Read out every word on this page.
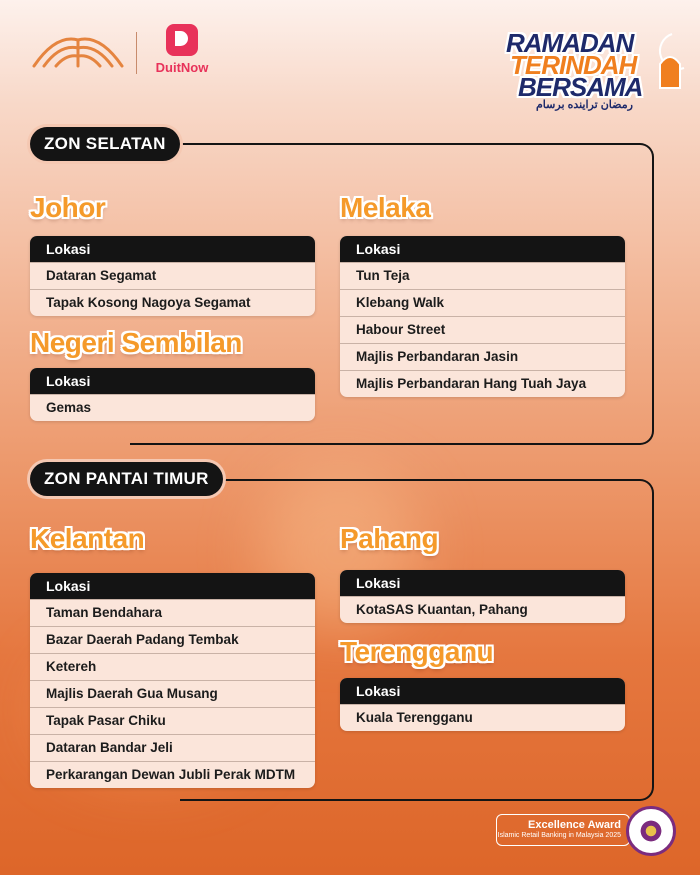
DuitNow
RAMADAN
TERINDAH
BERSAMA
رمضان ترايندە برسام
ZON SELATAN
Johor
Lokasi
Dataran Segamat
Tapak Kosong Nagoya Segamat
Negeri Sembilan
Lokasi
Gemas
Melaka
Lokasi
Tun Teja
Klebang Walk
Habour Street
Majlis Perbandaran Jasin
Majlis Perbandaran Hang Tuah Jaya
ZON PANTAI TIMUR
Kelantan
Lokasi
Taman Bendahara
Bazar Daerah Padang Tembak
Ketereh
Majlis Daerah Gua Musang
Tapak Pasar Chiku
Dataran Bandar Jeli
Perkarangan Dewan Jubli Perak MDTM
Pahang
Lokasi
KotaSAS Kuantan, Pahang
Terengganu
Lokasi
Kuala Terengganu
Excellence Award
Islamic Retail Banking in Malaysia 2025
